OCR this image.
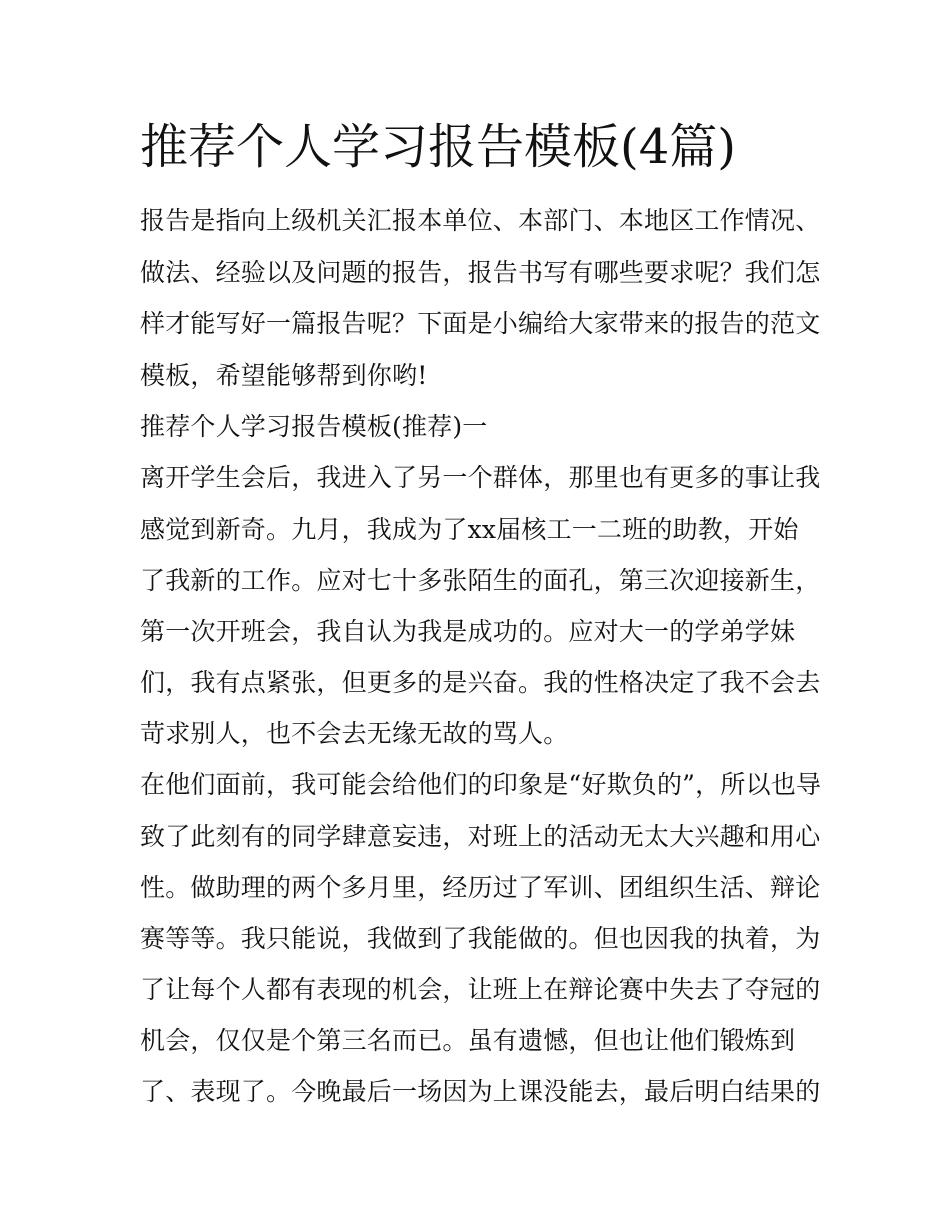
推荐个人学习报告模板(4篇)
报告是指向上级机关汇报本单位、本部门、本地区工作情况、
做法、经验以及问题的报告，报告书写有哪些要求呢？我们怎
样才能写好一篇报告呢？下面是小编给大家带来的报告的范文
模板，希望能够帮到你哟!
推荐个人学习报告模板(推荐)一
离开学生会后，我进入了另一个群体，那里也有更多的事让我
感觉到新奇。九月，我成为了xx届核工一二班的助教，开始
了我新的工作。应对七十多张陌生的面孔，第三次迎接新生，
第一次开班会，我自认为我是成功的。应对大一的学弟学妹
们，我有点紧张，但更多的是兴奋。我的性格决定了我不会去
苛求别人，也不会去无缘无故的骂人。
在他们面前，我可能会给他们的印象是“好欺负的”，所以也导
致了此刻有的同学肆意妄违，对班上的活动无太大兴趣和用心
性。做助理的两个多月里，经历过了军训、团组织生活、辩论
赛等等。我只能说，我做到了我能做的。但也因我的执着，为
了让每个人都有表现的机会，让班上在辩论赛中失去了夺冠的
机会，仅仅是个第三名而已。虽有遗憾，但也让他们锻炼到
了、表现了。今晚最后一场因为上课没能去，最后明白结果的
